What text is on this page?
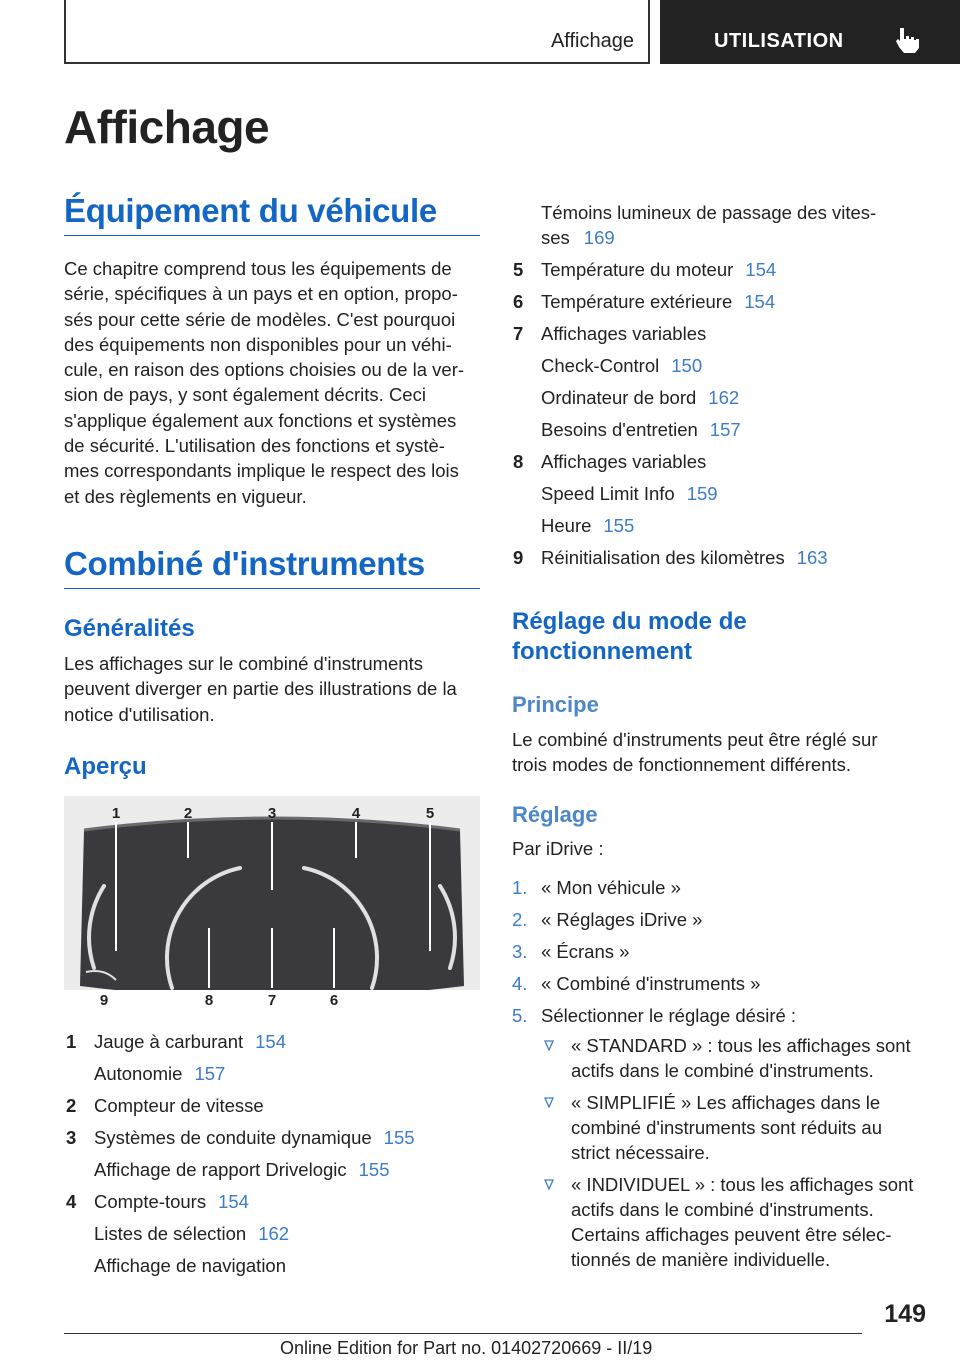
Affichage	UTILISATION
Affichage
Équipement du véhicule
Ce chapitre comprend tous les équipements de
série, spécifiques à un pays et en option, propo‐
sés pour cette série de modèles. C'est pourquoi
des équipements non disponibles pour un véhi‐
cule, en raison des options choisies ou de la ver‐
sion de pays, y sont également décrits. Ceci
s'applique également aux fonctions et systèmes
de sécurité. L'utilisation des fonctions et systè‐
mes correspondants implique le respect des lois
et des règlements en vigueur.
Combiné d'instruments
Généralités
Les affichages sur le combiné d'instruments
peuvent diverger en partie des illustrations de la
notice d'utilisation.
Aperçu
1	2	3	4	5
9	8	7	6
1 Jauge à carburant 154
Autonomie 157
2 Compteur de vitesse
3 Systèmes de conduite dynamique 155
Affichage de rapport Drivelogic 155
4 Compte-tours 154
Listes de sélection 162
Affichage de navigation
Témoins lumineux de passage des vites‐
ses 169
5 Température du moteur 154
6 Température extérieure 154
7 Affichages variables
Check-Control 150
Ordinateur de bord 162
Besoins d'entretien 157
8 Affichages variables
Speed Limit Info 159
Heure 155
9 Réinitialisation des kilomètres 163
Réglage du mode de
fonctionnement
Principe
Le combiné d'instruments peut être réglé sur
trois modes de fonctionnement différents.
Réglage
Par iDrive :
1. « Mon véhicule »
2. « Réglages iDrive »
3. « Écrans »
4. « Combiné d'instruments »
5. Sélectionner le réglage désiré :
« STANDARD » : tous les affichages sont
actifs dans le combiné d'instruments.
« SIMPLIFIÉ » Les affichages dans le
combiné d'instruments sont réduits au
strict nécessaire.
« INDIVIDUEL » : tous les affichages sont
actifs dans le combiné d'instruments.
Certains affichages peuvent être sélec‐
tionnés de manière individuelle.
149
Online Edition for Part no. 01402720669 - II/19
